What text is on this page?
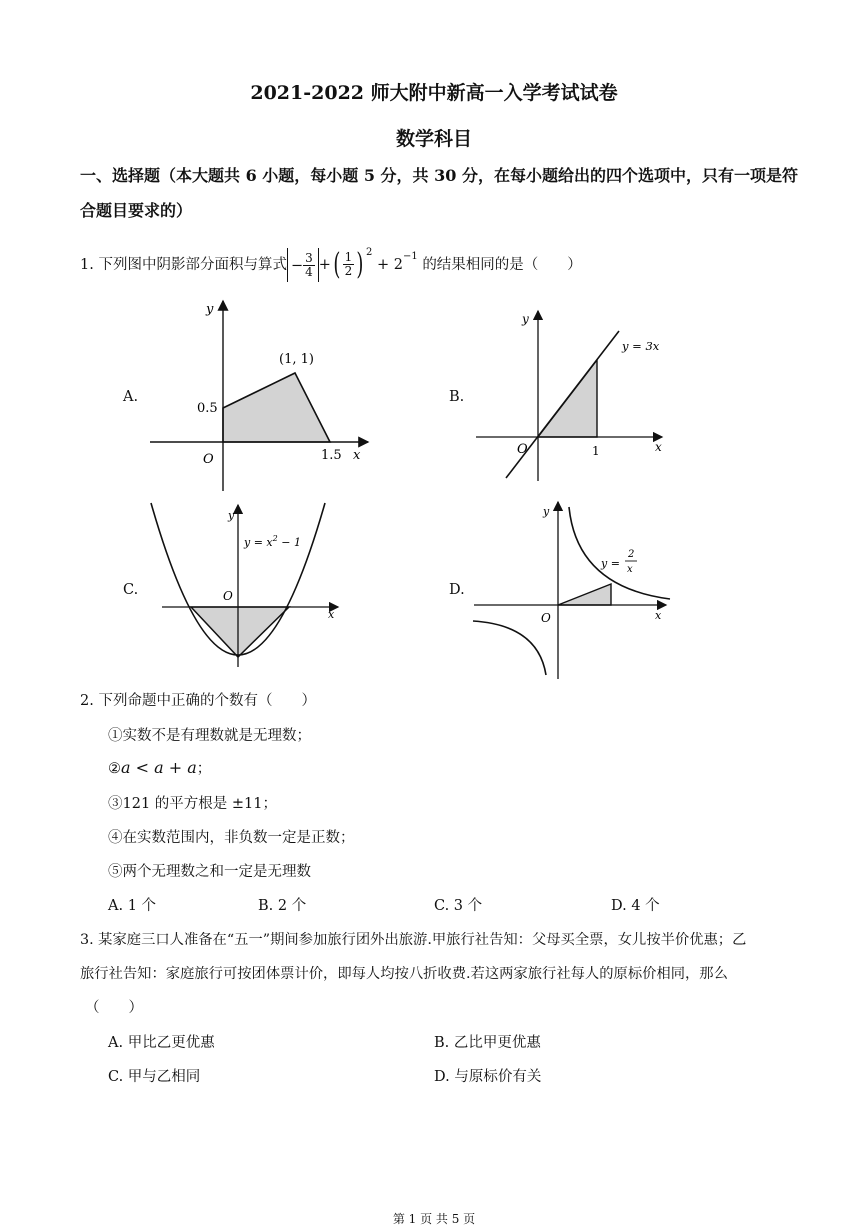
2021-2022 师大附中新高一入学考试试卷
数学科目
一、选择题（本大题共 6 小题，每小题 5 分，共 30 分，在每小题给出的四个选项中，只有一项是符合题目要求的）
1. 下列图中阴影部分面积与算式 − $\frac{3}{4}$ +( $\frac{1}{2}$ ) $^2 + 2^{-1}$ 的结果相同的是（　　）
A.	B.
C.	D.
y
x
O
(1, 1)
0.5
1.5
y
x
O	1
y = 3x
y
x
O
$y = x^2 - 1$
y
x
O
y =
2
x
2. 下列命题中正确的个数有（　　）
①实数不是有理数就是无理数；
②a < a + a；
③121 的平方根是 ±11；
④在实数范围内，非负数一定是正数；
⑤两个无理数之和一定是无理数
A. 1 个	B. 2 个	C. 3 个	D. 4 个
3. 某家庭三口人准备在“五一”期间参加旅行团外出旅游.甲旅行社告知：父母买全票，女儿按半价优惠；乙
旅行社告知：家庭旅行可按团体票计价，即每人均按八折收费.若这两家旅行社每人的原标价相同，那么
（　　）
A. 甲比乙更优惠	B. 乙比甲更优惠
C. 甲与乙相同	D. 与原标价有关
第 1 页 共 5 页
